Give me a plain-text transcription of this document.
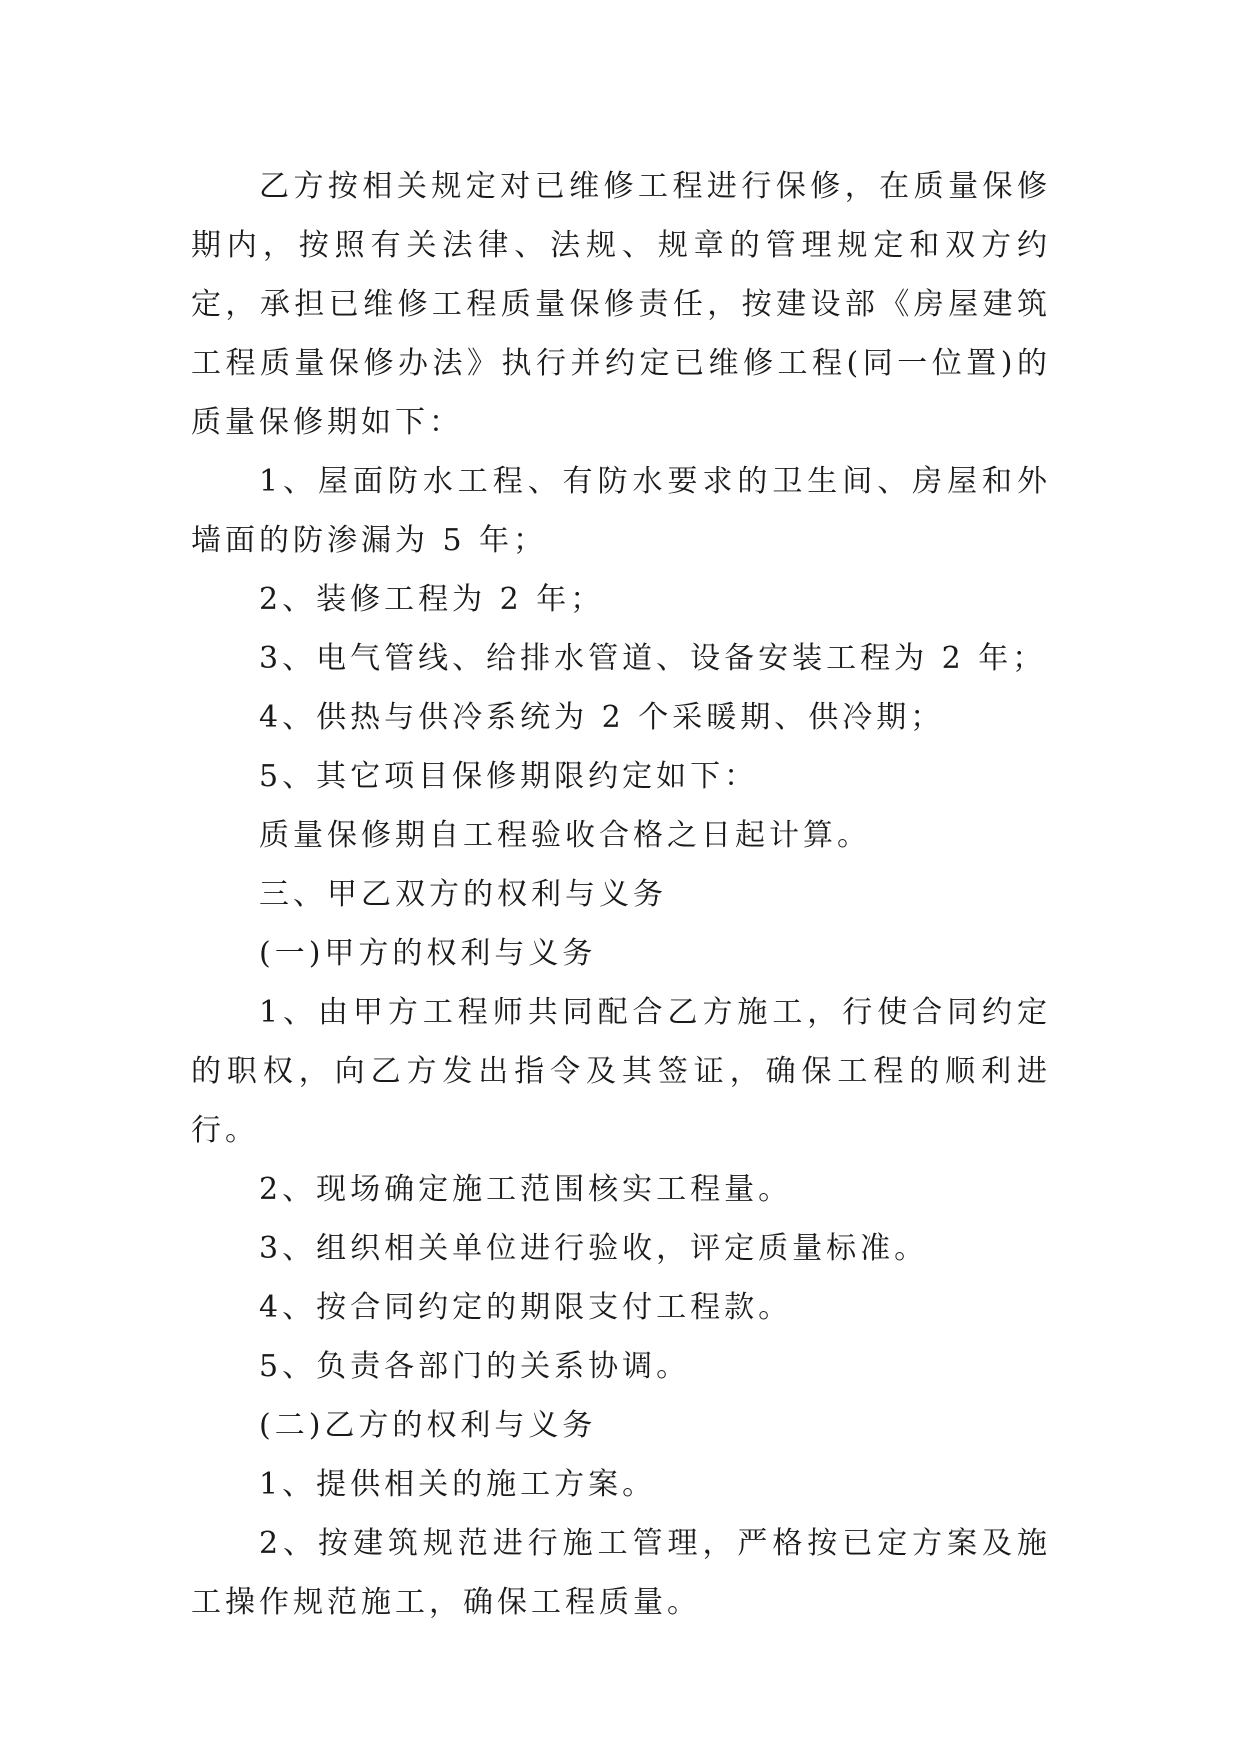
乙方按相关规定对已维修工程进行保修，在质量保修期内，按照有关法律、法规、规章的管理规定和双方约定，承担已维修工程质量保修责任，按建设部《房屋建筑工程质量保修办法》执行并约定已维修工程(同一位置)的质量保修期如下：

1、屋面防水工程、有防水要求的卫生间、房屋和外墙面的防渗漏为 5 年；

2、装修工程为 2 年；

3、电气管线、给排水管道、设备安装工程为 2 年；

4、供热与供冷系统为 2 个采暖期、供冷期；

5、其它项目保修期限约定如下：

质量保修期自工程验收合格之日起计算。

三、甲乙双方的权利与义务

(一)甲方的权利与义务

1、由甲方工程师共同配合乙方施工，行使合同约定的职权，向乙方发出指令及其签证，确保工程的顺利进行。

2、现场确定施工范围核实工程量。

3、组织相关单位进行验收，评定质量标准。

4、按合同约定的期限支付工程款。

5、负责各部门的关系协调。

(二)乙方的权利与义务

1、提供相关的施工方案。

2、按建筑规范进行施工管理，严格按已定方案及施工操作规范施工，确保工程质量。
